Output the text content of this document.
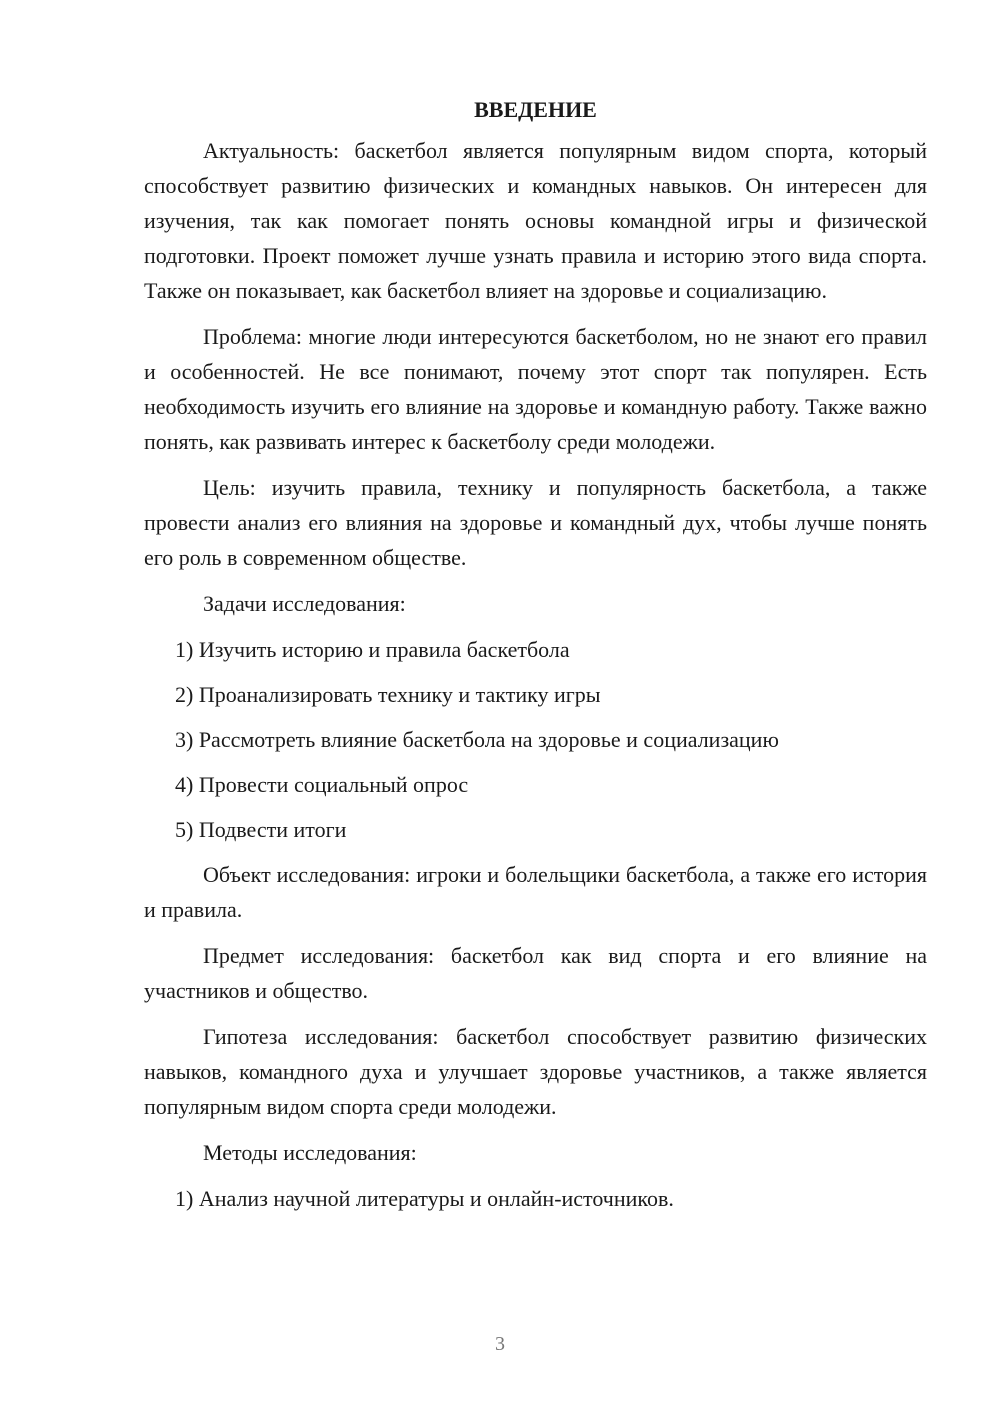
ВВЕДЕНИЕ

Актуальность: баскетбол является популярным видом спорта, который способствует развитию физических и командных навыков. Он интересен для изучения, так как помогает понять основы командной игры и физической подготовки. Проект поможет лучше узнать правила и историю этого вида спорта. Также он показывает, как баскетбол влияет на здоровье и социализацию.

Проблема: многие люди интересуются баскетболом, но не знают его правил и особенностей. Не все понимают, почему этот спорт так популярен. Есть необходимость изучить его влияние на здоровье и командную работу. Также важно понять, как развивать интерес к баскетболу среди молодежи.

Цель: изучить правила, технику и популярность баскетбола, а также провести анализ его влияния на здоровье и командный дух, чтобы лучше понять его роль в современном обществе.

Задачи исследования:

1) Изучить историю и правила баскетбола
2) Проанализировать технику и тактику игры
3) Рассмотреть влияние баскетбола на здоровье и социализацию
4) Провести социальный опрос
5) Подвести итоги

Объект исследования: игроки и болельщики баскетбола, а также его история и правила.

Предмет исследования: баскетбол как вид спорта и его влияние на участников и общество.

Гипотеза исследования: баскетбол способствует развитию физических навыков, командного духа и улучшает здоровье участников, а также является популярным видом спорта среди молодежи.

Методы исследования:

1) Анализ научной литературы и онлайн-источников.
3
